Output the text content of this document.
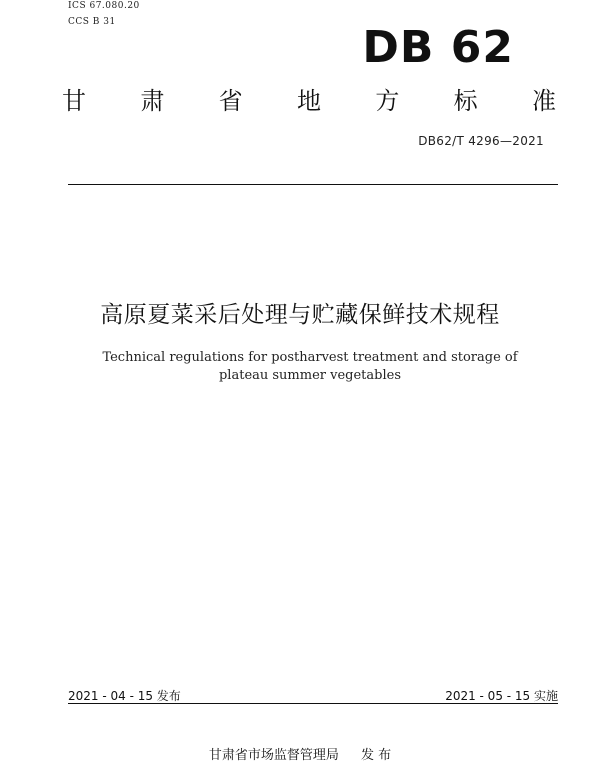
ICS 67.080.20
CCS B 31	DB 62
甘 肃 省 地 方 标 准
DB62/T 4296—2021
高原夏菜采后处理与贮藏保鲜技术规程
Technical regulations for postharvest treatment and storage of plateau summer vegetables
2021 - 04 - 15 发布	2021 - 05 - 15 实施
甘肃省市场监督管理局 发 布
